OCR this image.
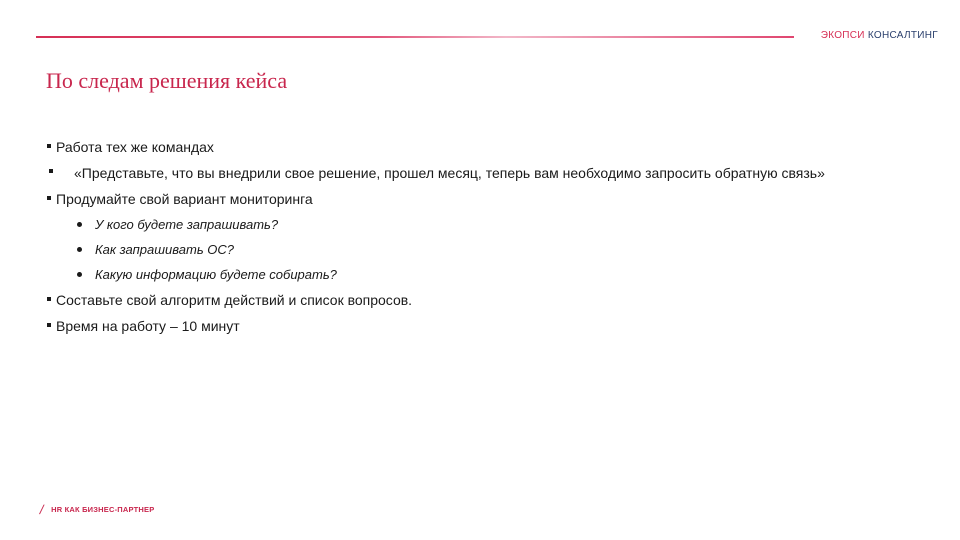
ЭКОПСИ КОНСАЛТИНГ
По следам решения кейса
Работа тех же командах
«Представьте, что вы внедрили свое решение, прошел месяц, теперь вам необходимо запросить обратную связь»
Продумайте свой вариант мониторинга
У кого будете запрашивать?
Как запрашивать ОС?
Какую информацию будете собирать?
Составьте свой алгоритм действий и список вопросов.
Время на работу – 10 минут
/ HR КАК БИЗНЕС-ПАРТНЕР
